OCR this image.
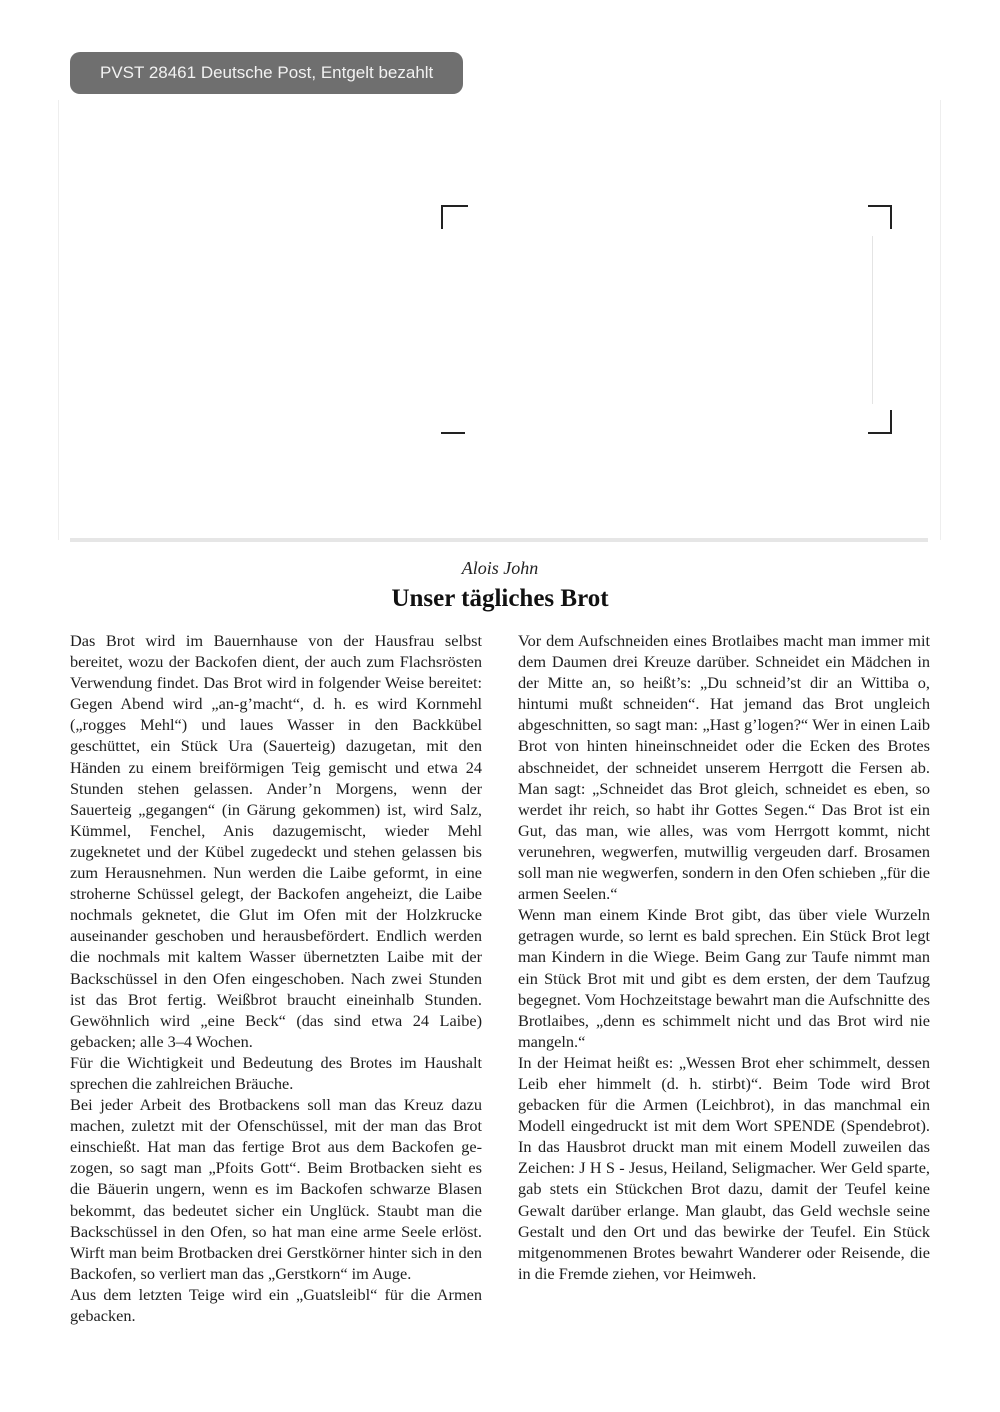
PVST 28461 Deutsche Post, Entgelt bezahlt
Alois John
Unser tägliches Brot

Das Brot wird im Bauernhause von der Hausfrau selbst bereitet, wozu der Backofen dient, der auch zum Flachsrösten Verwendung findet. Das Brot wird in folgender Weise bereitet: Gegen Abend wird „an-g’macht“, d. h. es wird Kornmehl („rogges Mehl“) und laues Wasser in den Backkübel geschüttet, ein Stück Ura (Sauerteig) dazugetan, mit den Händen zu einem breiförmigen Teig gemischt und etwa 24 Stunden stehen gelassen. Ander’n Morgens, wenn der Sauerteig „gegangen“ (in Gärung gekommen) ist, wird Salz, Kümmel, Fenchel, Anis dazugemischt, wieder Mehl zugeknetet und der Kübel zugedeckt und stehen gelassen bis zum Herausnehmen. Nun werden die Laibe geformt, in eine stroherne Schüssel gelegt, der Backofen angeheizt, die Laibe nochmals geknetet, die Glut im Ofen mit der Holzkrucke auseinander geschoben und herausbefördert. Endlich werden die nochmals mit kaltem Wasser übernetzten Laibe mit der Backschüssel in den Ofen eingeschoben. Nach zwei Stunden ist das Brot fertig. Weißbrot braucht eineinhalb Stunden. Gewöhnlich wird „eine Beck“ (das sind etwa 24 Laibe) gebacken; alle 3–4 Wochen.

Für die Wichtigkeit und Bedeutung des Brotes im Haushalt sprechen die zahlreichen Bräuche.

Bei jeder Arbeit des Brotbackens soll man das Kreuz dazu machen, zuletzt mit der Ofenschüssel, mit der man das Brot einschießt. Hat man das fertige Brot aus dem Backofen gezogen, so sagt man „Pfoits Gott“. Beim Brotbacken sieht es die Bäuerin ungern, wenn es im Backofen schwarze Blasen bekommt, das bedeutet sicher ein Unglück. Staubt man die Backschüssel in den Ofen, so hat man eine arme Seele erlöst. Wirft man beim Brotbacken drei Gerstkörner hinter sich in den Backofen, so verliert man das „Gerstkorn“ im Auge.

Aus dem letzten Teige wird ein „Guatsleibl“ für die Armen gebacken.

Vor dem Aufschneiden eines Brotlaibes macht man immer mit dem Daumen drei Kreuze darüber. Schneidet ein Mädchen in der Mitte an, so heißt’s: „Du schneid’st dir an Wittiba o, hintumi mußt schneiden“. Hat jemand das Brot ungleich abgeschnitten, so sagt man: „Hast g’logen?“ Wer in einen Laib Brot von hinten hineinschneidet oder die Ecken des Brotes abschneidet, der schneidet unserem Herrgott die Fersen ab. Man sagt: „Schneidet das Brot gleich, schneidet es eben, so werdet ihr reich, so habt ihr Gottes Segen.“ Das Brot ist ein Gut, das man, wie alles, was vom Herrgott kommt, nicht verunehren, wegwerfen, mutwillig vergeuden darf. Brosamen soll man nie wegwerfen, sondern in den Ofen schieben „für die armen Seelen.“

Wenn man einem Kinde Brot gibt, das über viele Wurzeln getragen wurde, so lernt es bald sprechen. Ein Stück Brot legt man Kindern in die Wiege. Beim Gang zur Taufe nimmt man ein Stück Brot mit und gibt es dem ersten, der dem Taufzug begegnet. Vom Hochzeitstage bewahrt man die Aufschnitte des Brotlaibes, „denn es schimmelt nicht und das Brot wird nie mangeln.“

In der Heimat heißt es: „Wessen Brot eher schimmelt, dessen Leib eher himmelt (d. h. stirbt)“. Beim Tode wird Brot gebacken für die Armen (Leichbrot), in das manchmal ein Modell eingedruckt ist mit dem Wort SPENDE (Spendebrot). In das Hausbrot druckt man mit einem Modell zuweilen das Zeichen: J H S - Jesus, Heiland, Seligmacher. Wer Geld sparte, gab stets ein Stückchen Brot dazu, damit der Teufel keine Gewalt darüber erlange. Man glaubt, das Geld wechsle seine Gestalt und den Ort und das bewirke der Teufel. Ein Stück mitgenommenen Brotes bewahrt Wanderer oder Reisende, die in die Fremde ziehen, vor Heimweh.
